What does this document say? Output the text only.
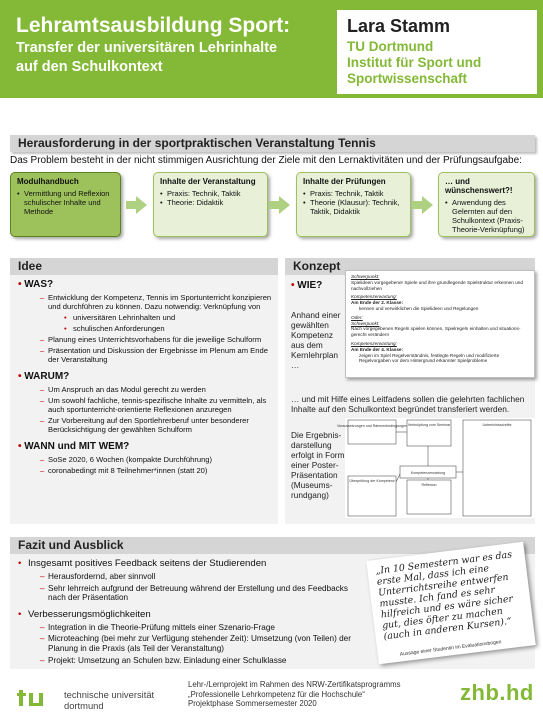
Lehramtsausbildung Sport:
Transfer der universitären Lehrinhalte
auf den Schulkontext
Lara Stamm
TU Dortmund
Institut für Sport und
Sportwissenschaft
Herausforderung in der sportpraktischen Veranstaltung Tennis
Das Problem besteht in der nicht stimmigen Ausrichtung der Ziele mit den Lernaktivitäten und der Prüfungsaufgabe:
Modulhandbuch
• Vermittlung und Reflexion schulischer Inhalte und Methode
Inhalte der Veranstaltung
• Praxis: Technik, Taktik
• Theorie: Didaktik
Inhalte der Prüfungen
• Praxis: Technik, Taktik
• Theorie (Klausur): Technik, Taktik, Didaktik
… und wünschenswert?!
• Anwendung des Gelernten auf den Schulkontext (Praxis-Theorie-Verknüpfung)
Idee
• WAS?
– Entwicklung der Kompetenz, Tennis im Sportunterricht konzipieren und durchführen zu können. Dazu notwendig: Verknüpfung von
• universitären Lehrinhalten und
• schulischen Anforderungen
– Planung eines Unterrichtsvorhabens für die jeweilige Schulform
– Präsentation und Diskussion der Ergebnisse im Plenum am Ende der Veranstaltung
• WARUM?
– Um Anspruch an das Modul gerecht zu werden
– Um sowohl fachliche, tennis-spezifische Inhalte zu vermitteln, als auch sportunterricht-orientierte Reflexionen anzuregen
– Zur Vorbereitung auf den Sportlehrerberuf unter besonderer Berücksichtigung der gewählten Schulform
• WANN und MIT WEM?
– SoSe 2020, 6 Wochen (kompakte Durchführung)
– coronabedingt mit 8 Teilnehmer*innen (statt 20)
Konzept
• WIE?
Anhand einer
gewählten
Kompetenz
aus dem
Kernlehrplan
…
… und mit Hilfe eines Leitfadens sollen die gelehrten fachlichen Inhalte auf den Schulkontext begründet transferiert werden.
Die Ergebnis-
darstellung
erfolgt in Form
einer Poster-
Präsentation
(Museums-
rundgang)
Schwerpunkt:
Spielideen vorgegebener Spiele und ihre grundlegende Spielstruktur erkennen und nachvollziehen
Kompetenzerwartung:
Am Ende der 2. Klasse:
kennen und verwirklichen die Spielideen und Regelungen
Oder:
Schwerpunkt:
Nach vorgegebenen Regeln spielen können, Spielregeln einhalten und situations-gerecht verändern
Kompetenzerwartung:
Am Ende der 4. Klasse:
zeigen im Spiel Regelverständnis, festlegte Regeln und modifizierte Regelvorgaben vor dem Hintergrund erkannter Spielprobleme
Voraussetzungen und Rahmenbedingungen Verknüpfung zum Seminar	Unterrichtsschritte
Kompetenzerwartung
Überprüfung der Kompetenz
Reflexion
Fazit und Ausblick
• Insgesamt positives Feedback seitens der Studierenden
– Herausfordernd, aber sinnvoll
– Sehr lehrreich aufgrund der Betreuung während der Erstellung und des Feedbacks nach der Präsentation
• Verbesserungsmöglichkeiten
– Integration in die Theorie-Prüfung mittels einer Szenario-Frage
– Microteaching (bei mehr zur Verfügung stehender Zeit): Umsetzung (von Teilen) der Planung in die Praxis (als Teil der Veranstaltung)
– Projekt: Umsetzung an Schulen bzw. Einladung einer Schulklasse
„In 10 Semestern war es das erste Mal, dass ich eine Unterrichtsreihe entwerfen musste. Ich fand es sehr hilfreich und es wäre sicher gut, dies öfter zu machen (auch in anderen Kursen).“
Aussage einer Studentin im Evaluationsbogen
technische universität
dortmund
Lehr-/Lernprojekt im Rahmen des NRW-Zertifikatsprogramms
„Professionelle Lehrkompetenz für die Hochschule“
Projektphase Sommersemester 2020	zhb.hd
